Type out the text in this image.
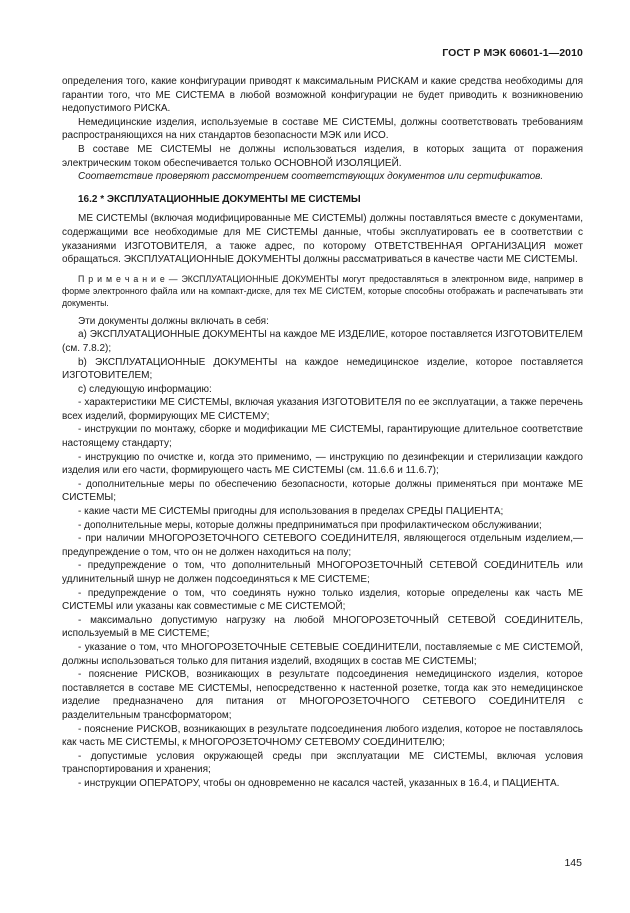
ГОСТ Р МЭК 60601-1—2010

определения того, какие конфигурации приводят к максимальным РИСКАМ и какие средства необходимы для гарантии того, что МЕ СИСТЕМА в любой возможной конфигурации не будет приводить к возникновению недопустимого РИСКА.

Немедицинские изделия, используемые в составе МЕ СИСТЕМЫ, должны соответствовать требованиям распространяющихся на них стандартов безопасности МЭК или ИСО.

В составе МЕ СИСТЕМЫ не должны использоваться изделия, в которых защита от поражения электрическим током обеспечивается только ОСНОВНОЙ ИЗОЛЯЦИЕЙ.

Соответствие проверяют рассмотрением соответствующих документов или сертификатов.

16.2 * ЭКСПЛУАТАЦИОННЫЕ ДОКУМЕНТЫ МЕ СИСТЕМЫ

МЕ СИСТЕМЫ (включая модифицированные МЕ СИСТЕМЫ) должны поставляться вместе с документами, содержащими все необходимые для МЕ СИСТЕМЫ данные, чтобы эксплуатировать ее в соответствии с указаниями ИЗГОТОВИТЕЛЯ, а также адрес, по которому ОТВЕТСТВЕННАЯ ОРГАНИЗАЦИЯ может обращаться. ЭКСПЛУАТАЦИОННЫЕ ДОКУМЕНТЫ должны рассматриваться в качестве части МЕ СИСТЕМЫ.

П р и м е ч а н и е — ЭКСПЛУАТАЦИОННЫЕ ДОКУМЕНТЫ могут предоставляться в электронном виде, например в форме электронного файла или на компакт-диске, для тех МЕ СИСТЕМ, которые способны отображать и распечатывать эти документы.

Эти документы должны включать в себя:

a) ЭКСПЛУАТАЦИОННЫЕ ДОКУМЕНТЫ на каждое МЕ ИЗДЕЛИЕ, которое поставляется ИЗГОТОВИТЕЛЕМ (см. 7.8.2);

b) ЭКСПЛУАТАЦИОННЫЕ ДОКУМЕНТЫ на каждое немедицинское изделие, которое поставляется ИЗГОТОВИТЕЛЕМ;

c) следующую информацию:

- характеристики МЕ СИСТЕМЫ, включая указания ИЗГОТОВИТЕЛЯ по ее эксплуатации, а также перечень всех изделий, формирующих МЕ СИСТЕМУ;

- инструкции по монтажу, сборке и модификации МЕ СИСТЕМЫ, гарантирующие длительное соответствие настоящему стандарту;

- инструкцию по очистке и, когда это применимо, — инструкцию по дезинфекции и стерилизации каждого изделия или его части, формирующего часть МЕ СИСТЕМЫ (см. 11.6.6 и 11.6.7);

- дополнительные меры по обеспечению безопасности, которые должны применяться при монтаже МЕ СИСТЕМЫ;

- какие части МЕ СИСТЕМЫ пригодны для использования в пределах СРЕДЫ ПАЦИЕНТА;

- дополнительные меры, которые должны предприниматься при профилактическом обслуживании;

- при наличии МНОГОРОЗЕТОЧНОГО СЕТЕВОГО СОЕДИНИТЕЛЯ, являющегося отдельным изделием,— предупреждение о том, что он не должен находиться на полу;

- предупреждение о том, что дополнительный МНОГОРОЗЕТОЧНЫЙ СЕТЕВОЙ СОЕДИНИТЕЛЬ или удлинительный шнур не должен подсоединяться к МЕ СИСТЕМЕ;

- предупреждение о том, что соединять нужно только изделия, которые определены как часть МЕ СИСТЕМЫ или указаны как совместимые с МЕ СИСТЕМОЙ;

- максимально допустимую нагрузку на любой МНОГОРОЗЕТОЧНЫЙ СЕТЕВОЙ СОЕДИНИТЕЛЬ, используемый в МЕ СИСТЕМЕ;

- указание о том, что МНОГОРОЗЕТОЧНЫЕ СЕТЕВЫЕ СОЕДИНИТЕЛИ, поставляемые с МЕ СИСТЕМОЙ, должны использоваться только для питания изделий, входящих в состав МЕ СИСТЕМЫ;

- пояснение РИСКОВ, возникающих в результате подсоединения немедицинского изделия, которое поставляется в составе МЕ СИСТЕМЫ, непосредственно к настенной розетке, тогда как это немедицинское изделие предназначено для питания от МНОГОРОЗЕТОЧНОГО СЕТЕВОГО СОЕДИНИТЕЛЯ с разделительным трансформатором;

- пояснение РИСКОВ, возникающих в результате подсоединения любого изделия, которое не поставлялось как часть МЕ СИСТЕМЫ, к МНОГОРОЗЕТОЧНОМУ СЕТЕВОМУ СОЕДИНИТЕЛЮ;

- допустимые условия окружающей среды при эксплуатации МЕ СИСТЕМЫ, включая условия транспортирования и хранения;

- инструкции ОПЕРАТОРУ, чтобы он одновременно не касался частей, указанных в 16.4, и ПАЦИЕНТА.

145
